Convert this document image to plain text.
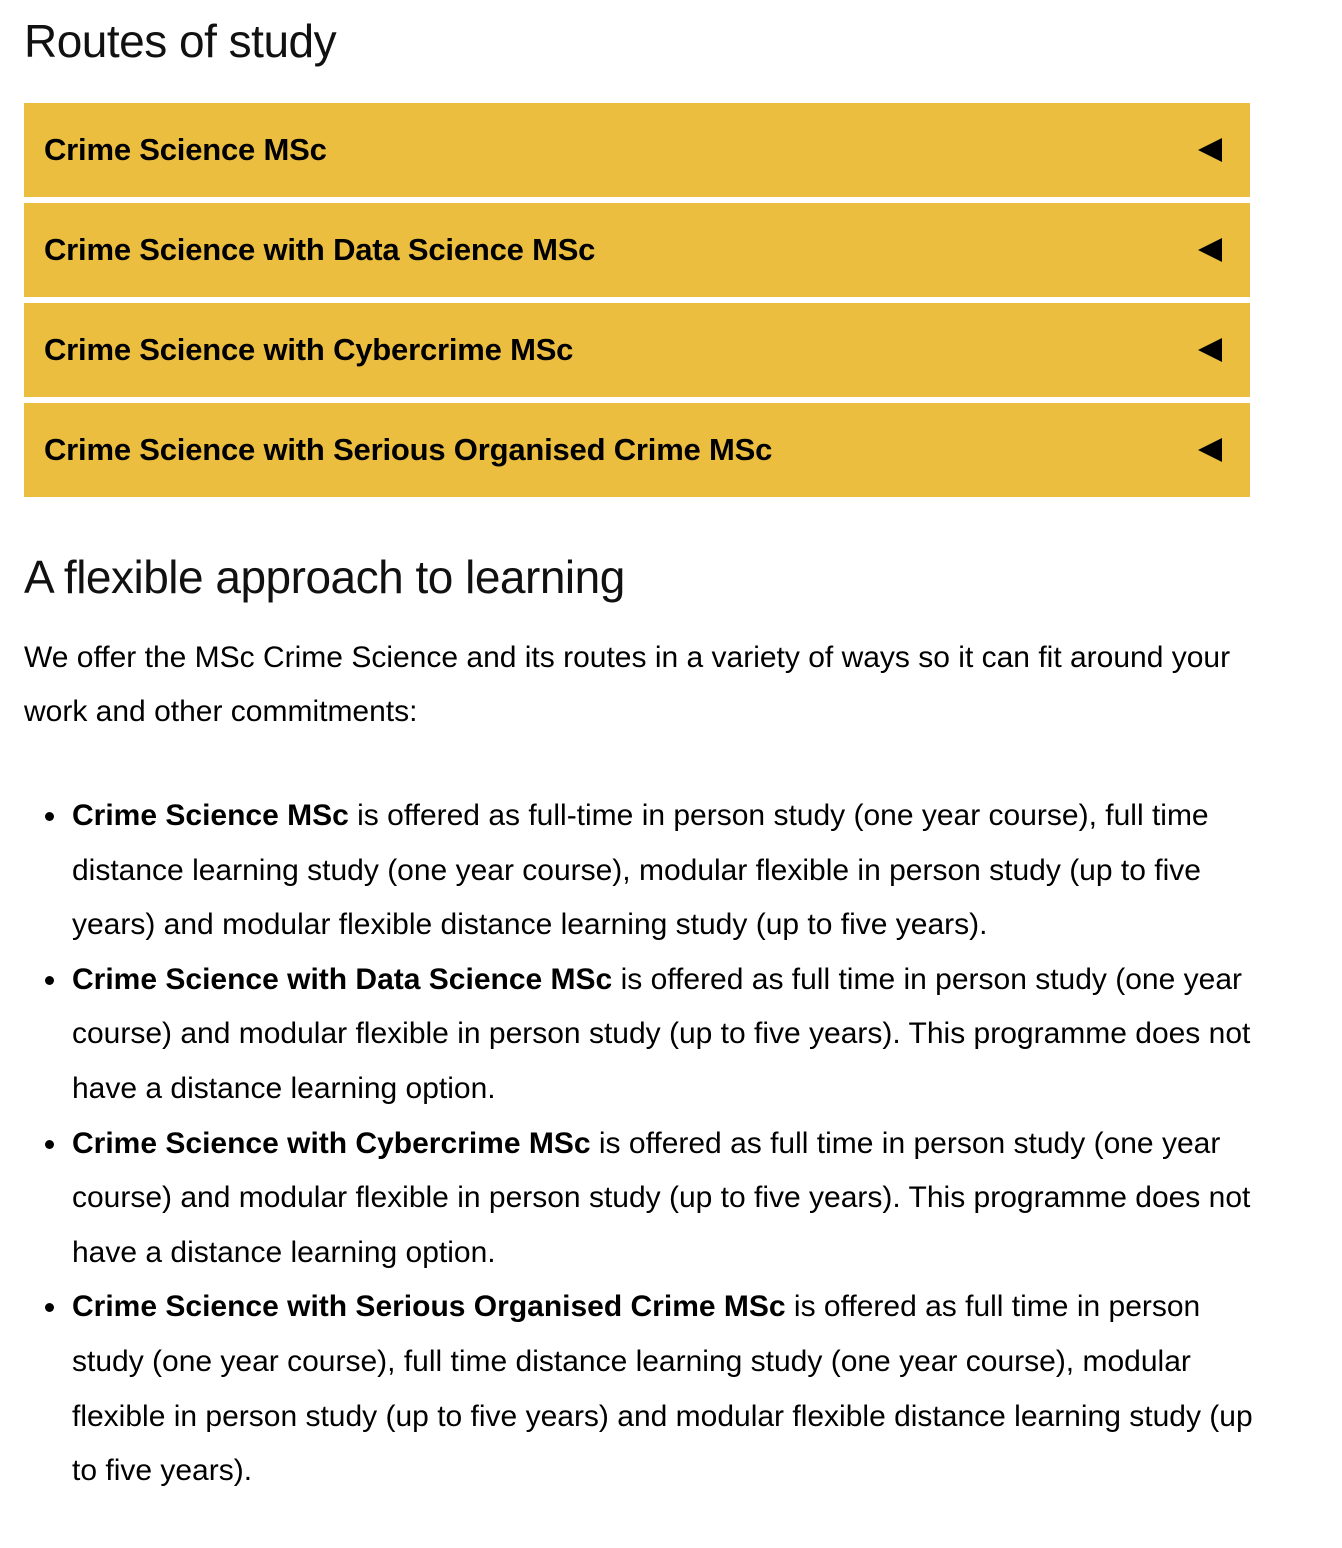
Routes of study
Crime Science MSc
Crime Science with Data Science MSc
Crime Science with Cybercrime MSc
Crime Science with Serious Organised Crime MSc
A flexible approach to learning

We offer the MSc Crime Science and its routes in a variety of ways so it can fit around your work and other commitments:

Crime Science MSc is offered as full-time in person study (one year course), full time distance learning study (one year course), modular flexible in person study (up to five years) and modular flexible distance learning study (up to five years).
Crime Science with Data Science MSc is offered as full time in person study (one year course) and modular flexible in person study (up to five years). This programme does not have a distance learning option.
Crime Science with Cybercrime MSc is offered as full time in person study (one year course) and modular flexible in person study (up to five years). This programme does not have a distance learning option.
Crime Science with Serious Organised Crime MSc is offered as full time in person study (one year course), full time distance learning study (one year course), modular flexible in person study (up to five years) and modular flexible distance learning study (up to five years).
